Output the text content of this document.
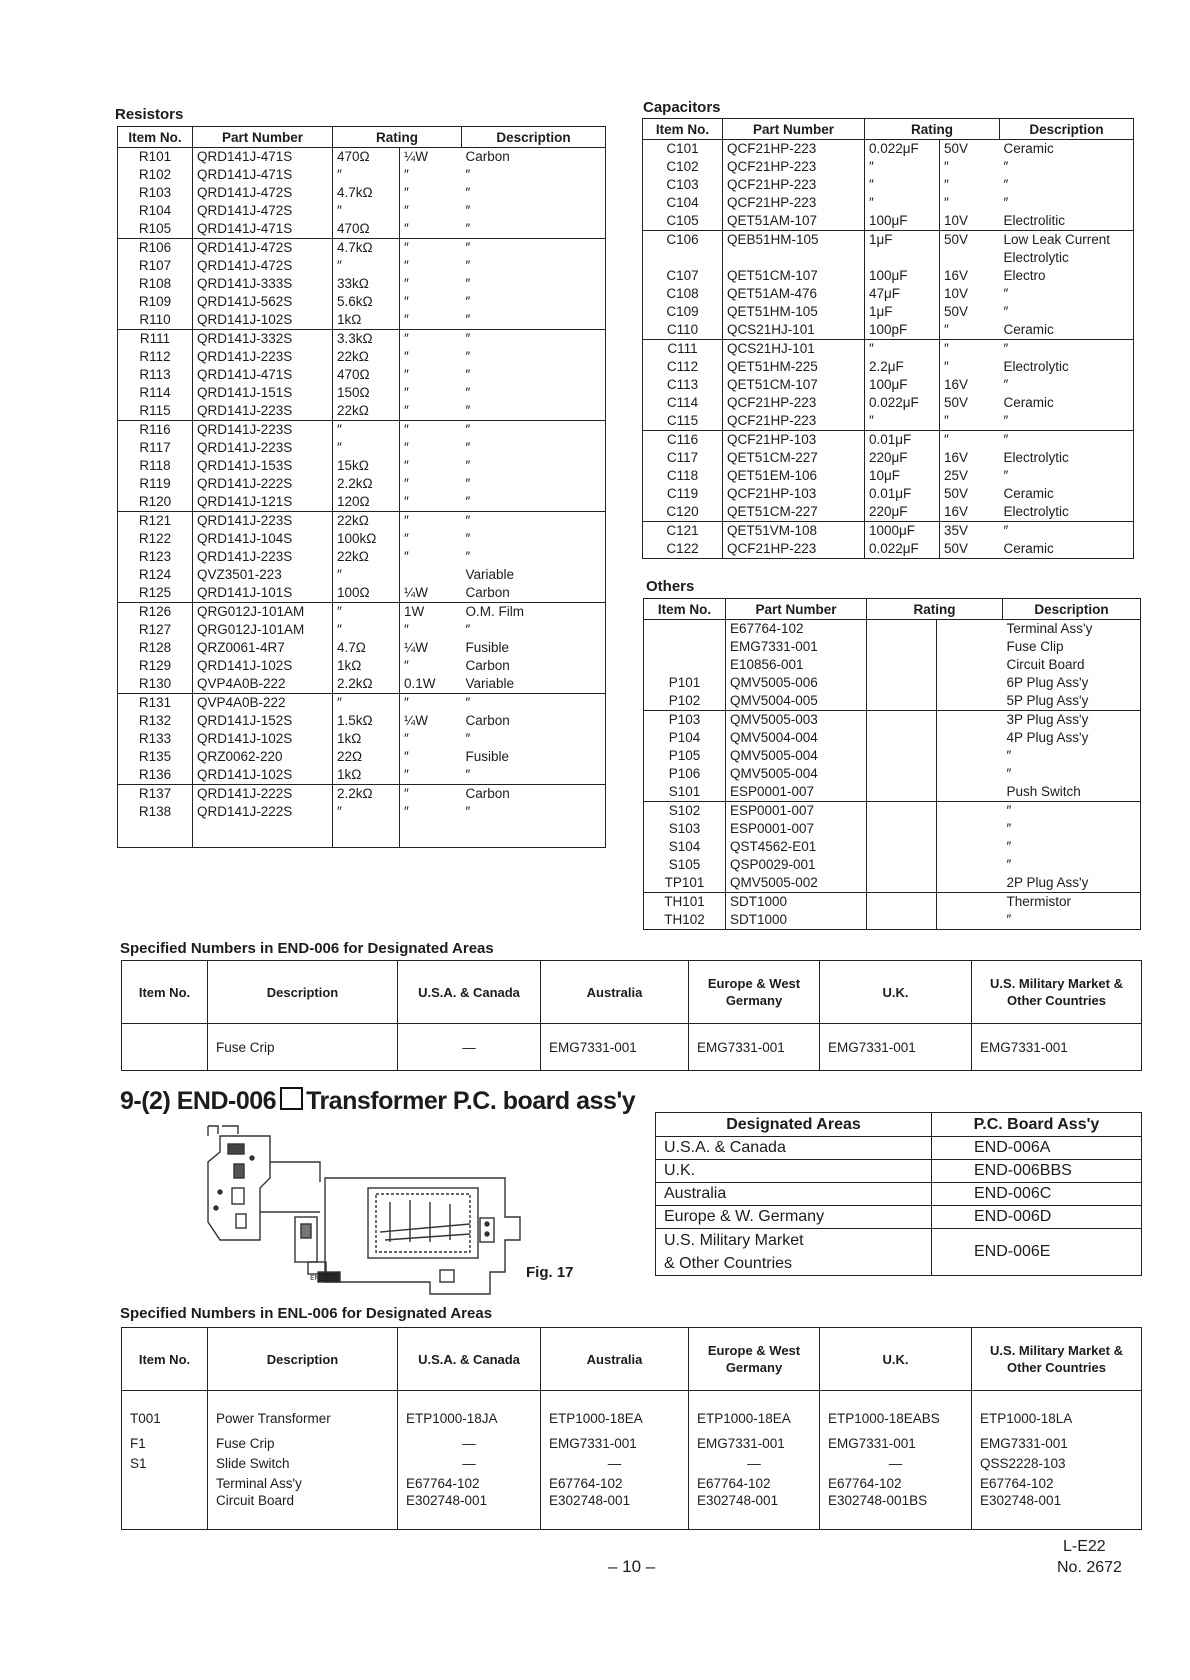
Resistors
Item No.	Part Number	Rating		Description
R101	QRD141J-471S	470Ω	¼W	Carbon
R102	QRD141J-471S	″	″	″
R103	QRD141J-472S	4.7kΩ	″	″
R104	QRD141J-472S	″	″	″
R105	QRD141J-471S	470Ω	″	″
R106	QRD141J-472S	4.7kΩ	″	″
R107	QRD141J-472S	″	″	″
R108	QRD141J-333S	33kΩ	″	″
R109	QRD141J-562S	5.6kΩ	″	″
R110	QRD141J-102S	1kΩ	″	″
R111	QRD141J-332S	3.3kΩ	″	″
R112	QRD141J-223S	22kΩ	″	″
R113	QRD141J-471S	470Ω	″	″
R114	QRD141J-151S	150Ω	″	″
R115	QRD141J-223S	22kΩ	″	″
R116	QRD141J-223S	″	″	″
R117	QRD141J-223S	″	″	″
R118	QRD141J-153S	15kΩ	″	″
R119	QRD141J-222S	2.2kΩ	″	″
R120	QRD141J-121S	120Ω	″	″
R121	QRD141J-223S	22kΩ	″	″
R122	QRD141J-104S	100kΩ	″	″
R123	QRD141J-223S	22kΩ	″	″
R124	QVZ3501-223	″		Variable
R125	QRD141J-101S	100Ω	¼W	Carbon
R126	QRG012J-101AM	″	1W	O.M. Film
R127	QRG012J-101AM	″	″	″
R128	QRZ0061-4R7	4.7Ω	¼W	Fusible
R129	QRD141J-102S	1kΩ	″	Carbon
R130	QVP4A0B-222	2.2kΩ	0.1W	Variable
R131	QVP4A0B-222	″	″	″
R132	QRD141J-152S	1.5kΩ	¼W	Carbon
R133	QRD141J-102S	1kΩ	″	″
R135	QRZ0062-220	22Ω	″	Fusible
R136	QRD141J-102S	1kΩ	″	″
R137	QRD141J-222S	2.2kΩ	″	Carbon
R138	QRD141J-222S	″	″	″

Capacitors
Item No.	Part Number	Rating		Description
C101	QCF21HP-223	0.022μF	50V	Ceramic
C102	QCF21HP-223	″	″	″
C103	QCF21HP-223	″	″	″
C104	QCF21HP-223	″	″	″
C105	QET51AM-107	100μF	10V	Electrolitic
C106	QEB51HM-105	1μF	50V	Low Leak Current
				Electrolytic
C107	QET51CM-107	100μF	16V	Electro
C108	QET51AM-476	47μF	10V	″
C109	QET51HM-105	1μF	50V	″
C110	QCS21HJ-101	100pF	″	Ceramic
C111	QCS21HJ-101	″	″	″
C112	QET51HM-225	2.2μF	″	Electrolytic
C113	QET51CM-107	100μF	16V	″
C114	QCF21HP-223	0.022μF	50V	Ceramic
C115	QCF21HP-223	″	″	″
C116	QCF21HP-103	0.01μF	″	″
C117	QET51CM-227	220μF	16V	Electrolytic
C118	QET51EM-106	10μF	25V	″
C119	QCF21HP-103	0.01μF	50V	Ceramic
C120	QET51CM-227	220μF	16V	Electrolytic
C121	QET51VM-108	1000μF	35V	″
C122	QCF21HP-223	0.022μF	50V	Ceramic
Others
Item No.	Part Number	Rating		Description
	E67764-102			Terminal Ass'y
	EMG7331-001			Fuse Clip
	E10856-001			Circuit Board
P101	QMV5005-006			6P Plug Ass'y
P102	QMV5004-005			5P Plug Ass'y
P103	QMV5005-003			3P Plug Ass'y
P104	QMV5004-004			4P Plug Ass'y
P105	QMV5005-004			″
P106	QMV5005-004			″
S101	ESP0001-007			Push Switch
S102	ESP0001-007			″
S103	ESP0001-007			″
S104	QST4562-E01			″
S105	QSP0029-001			″
TP101	QMV5005-002			2P Plug Ass'y
TH101	SDT1000			Thermistor
TH102	SDT1000			″
Specified Numbers in END-006 for Designated Areas
Item No.	Description	U.S.A. & Canada	Australia	Europe & West Germany	U.K.	U.S. Military Market & Other Countries
	Fuse Crip	—	EMG7331-001	EMG7331-001	EMG7331-001	EMG7331-001
9-(2) END-006 Transformer P.C. board ass'y
END-006	Fig. 17
Designated Areas	P.C. Board Ass'y
U.S.A. & Canada	END-006A
U.K.	END-006BBS
Australia	END-006C
Europe & W. Germany	END-006D

U.S. Military Market
& Other Countries	END-006E
Specified Numbers in ENL-006 for Designated Areas
Item No.	Description	U.S.A. & Canada	Australia	Europe & West Germany	U.K.	U.S. Military Market & Other Countries
T001	Power Transformer	ETP1000-18JA	ETP1000-18EA	ETP1000-18EA	ETP1000-18EABS	ETP1000-18LA
F1	Fuse Crip	—	EMG7331-001	EMG7331-001	EMG7331-001	EMG7331-001
S1	Slide Switch	—	—	—	—	QSS2228-103
	Terminal Ass'y	E67764-102	E67764-102	E67764-102	E67764-102	E67764-102
	Circuit Board	E302748-001	E302748-001	E302748-001	E302748-001BS	E302748-001
– 10 –
L-E22
No. 2672
